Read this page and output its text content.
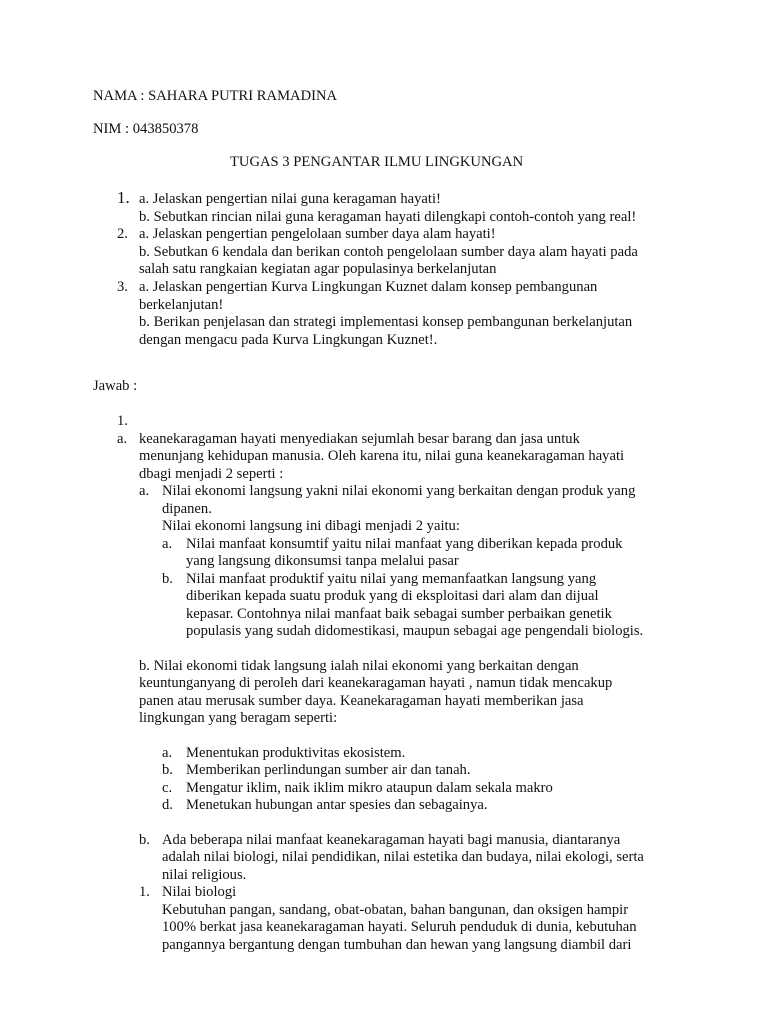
NAMA : SAHARA PUTRI RAMADINA
NIM : 043850378
TUGAS 3 PENGANTAR ILMU LINGKUNGAN
1. a. Jelaskan pengertian nilai guna keragaman hayati!
b. Sebutkan rincian nilai guna keragaman hayati dilengkapi contoh-contoh yang real!
2. a. Jelaskan pengertian pengelolaan sumber daya alam hayati!
b. Sebutkan 6 kendala dan berikan contoh pengelolaan sumber daya alam hayati pada
salah satu rangkaian kegiatan agar populasinya berkelanjutan
3. a. Jelaskan pengertian Kurva Lingkungan Kuznet dalam konsep pembangunan
berkelanjutan!
b. Berikan penjelasan dan strategi implementasi konsep pembangunan berkelanjutan
dengan mengacu pada Kurva Lingkungan Kuznet!.
Jawab :
1.
a. keanekaragaman hayati menyediakan sejumlah besar barang dan jasa untuk
menunjang kehidupan manusia. Oleh karena itu, nilai guna keanekaragaman hayati
dbagi menjadi 2 seperti :
a. Nilai ekonomi langsung yakni nilai ekonomi yang berkaitan dengan produk yang
dipanen.
Nilai ekonomi langsung ini dibagi menjadi 2 yaitu:
a. Nilai manfaat konsumtif yaitu nilai manfaat yang diberikan kepada produk
yang langsung dikonsumsi tanpa melalui pasar
b. Nilai manfaat produktif yaitu nilai yang memanfaatkan langsung yang
diberikan kepada suatu produk yang di eksploitasi dari alam dan dijual
kepasar. Contohnya nilai manfaat baik sebagai sumber perbaikan genetik
populasis yang sudah didomestikasi, maupun sebagai age pengendali biologis.
b. Nilai ekonomi tidak langsung ialah nilai ekonomi yang berkaitan dengan
keuntunganyang di peroleh dari keanekaragaman hayati , namun tidak mencakup
panen atau merusak sumber daya. Keanekaragaman hayati memberikan jasa
lingkungan yang beragam seperti:
a. Menentukan produktivitas ekosistem.
b. Memberikan perlindungan sumber air dan tanah.
c. Mengatur iklim, naik iklim mikro ataupun dalam sekala makro
d. Menetukan hubungan antar spesies dan sebagainya.
b. Ada beberapa nilai manfaat keanekaragaman hayati bagi manusia, diantaranya
adalah nilai biologi, nilai pendidikan, nilai estetika dan budaya, nilai ekologi, serta
nilai religious.
1. Nilai biologi
Kebutuhan pangan, sandang, obat-obatan, bahan bangunan, dan oksigen hampir
100% berkat jasa keanekaragaman hayati. Seluruh penduduk di dunia, kebutuhan
pangannya bergantung dengan tumbuhan dan hewan yang langsung diambil dari
